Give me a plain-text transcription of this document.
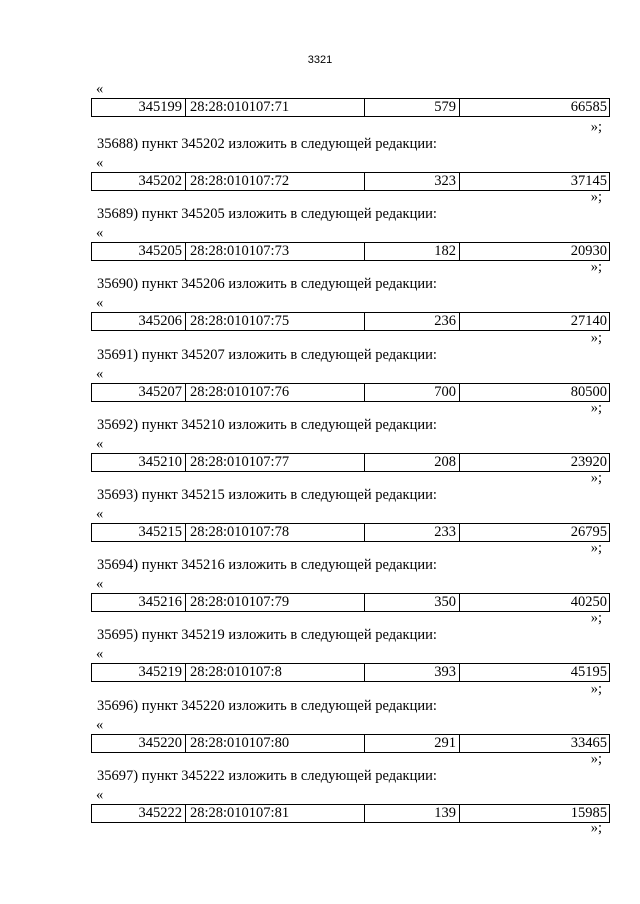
3321
«
345199 28:28:010107:71	579	66585
»;
35688) пункт 345202 изложить в следующей редакции:
«
345202 28:28:010107:72	323	37145
»;
35689) пункт 345205 изложить в следующей редакции:
«
345205 28:28:010107:73	182	20930
»;
35690) пункт 345206 изложить в следующей редакции:
«
345206 28:28:010107:75	236	27140
»;
35691) пункт 345207 изложить в следующей редакции:
«
345207 28:28:010107:76	700	80500
»;
35692) пункт 345210 изложить в следующей редакции:
«
345210 28:28:010107:77	208	23920
»;
35693) пункт 345215 изложить в следующей редакции:
«
345215 28:28:010107:78	233	26795
»;
35694) пункт 345216 изложить в следующей редакции:
«
345216 28:28:010107:79	350	40250
»;
35695) пункт 345219 изложить в следующей редакции:
«
345219 28:28:010107:8	393	45195
»;
35696) пункт 345220 изложить в следующей редакции:
«
345220 28:28:010107:80	291	33465
»;
35697) пункт 345222 изложить в следующей редакции:
«
345222 28:28:010107:81	139	15985
»;
